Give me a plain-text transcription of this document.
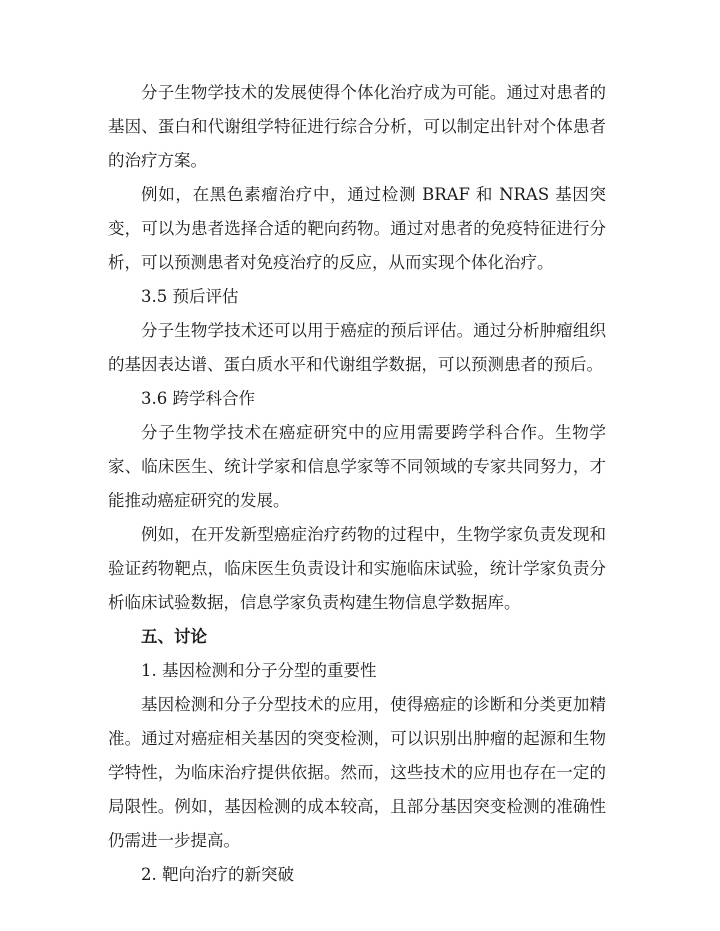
分子生物学技术的发展使得个体化治疗成为可能。通过对患者的基因、蛋白和代谢组学特征进行综合分析，可以制定出针对个体患者的治疗方案。

例如，在黑色素瘤治疗中，通过检测 BRAF 和 NRAS 基因突变，可以为患者选择合适的靶向药物。通过对患者的免疫特征进行分析，可以预测患者对免疫治疗的反应，从而实现个体化治疗。

3.5 预后评估

分子生物学技术还可以用于癌症的预后评估。通过分析肿瘤组织的基因表达谱、蛋白质水平和代谢组学数据，可以预测患者的预后。

3.6 跨学科合作

分子生物学技术在癌症研究中的应用需要跨学科合作。生物学家、临床医生、统计学家和信息学家等不同领域的专家共同努力，才能推动癌症研究的发展。

例如，在开发新型癌症治疗药物的过程中，生物学家负责发现和验证药物靶点，临床医生负责设计和实施临床试验，统计学家负责分析临床试验数据，信息学家负责构建生物信息学数据库。

五、讨论
1. 基因检测和分子分型的重要性

基因检测和分子分型技术的应用，使得癌症的诊断和分类更加精准。通过对癌症相关基因的突变检测，可以识别出肿瘤的起源和生物学特性，为临床治疗提供依据。然而，这些技术的应用也存在一定的局限性。例如，基因检测的成本较高，且部分基因突变检测的准确性仍需进一步提高。

2. 靶向治疗的新突破
